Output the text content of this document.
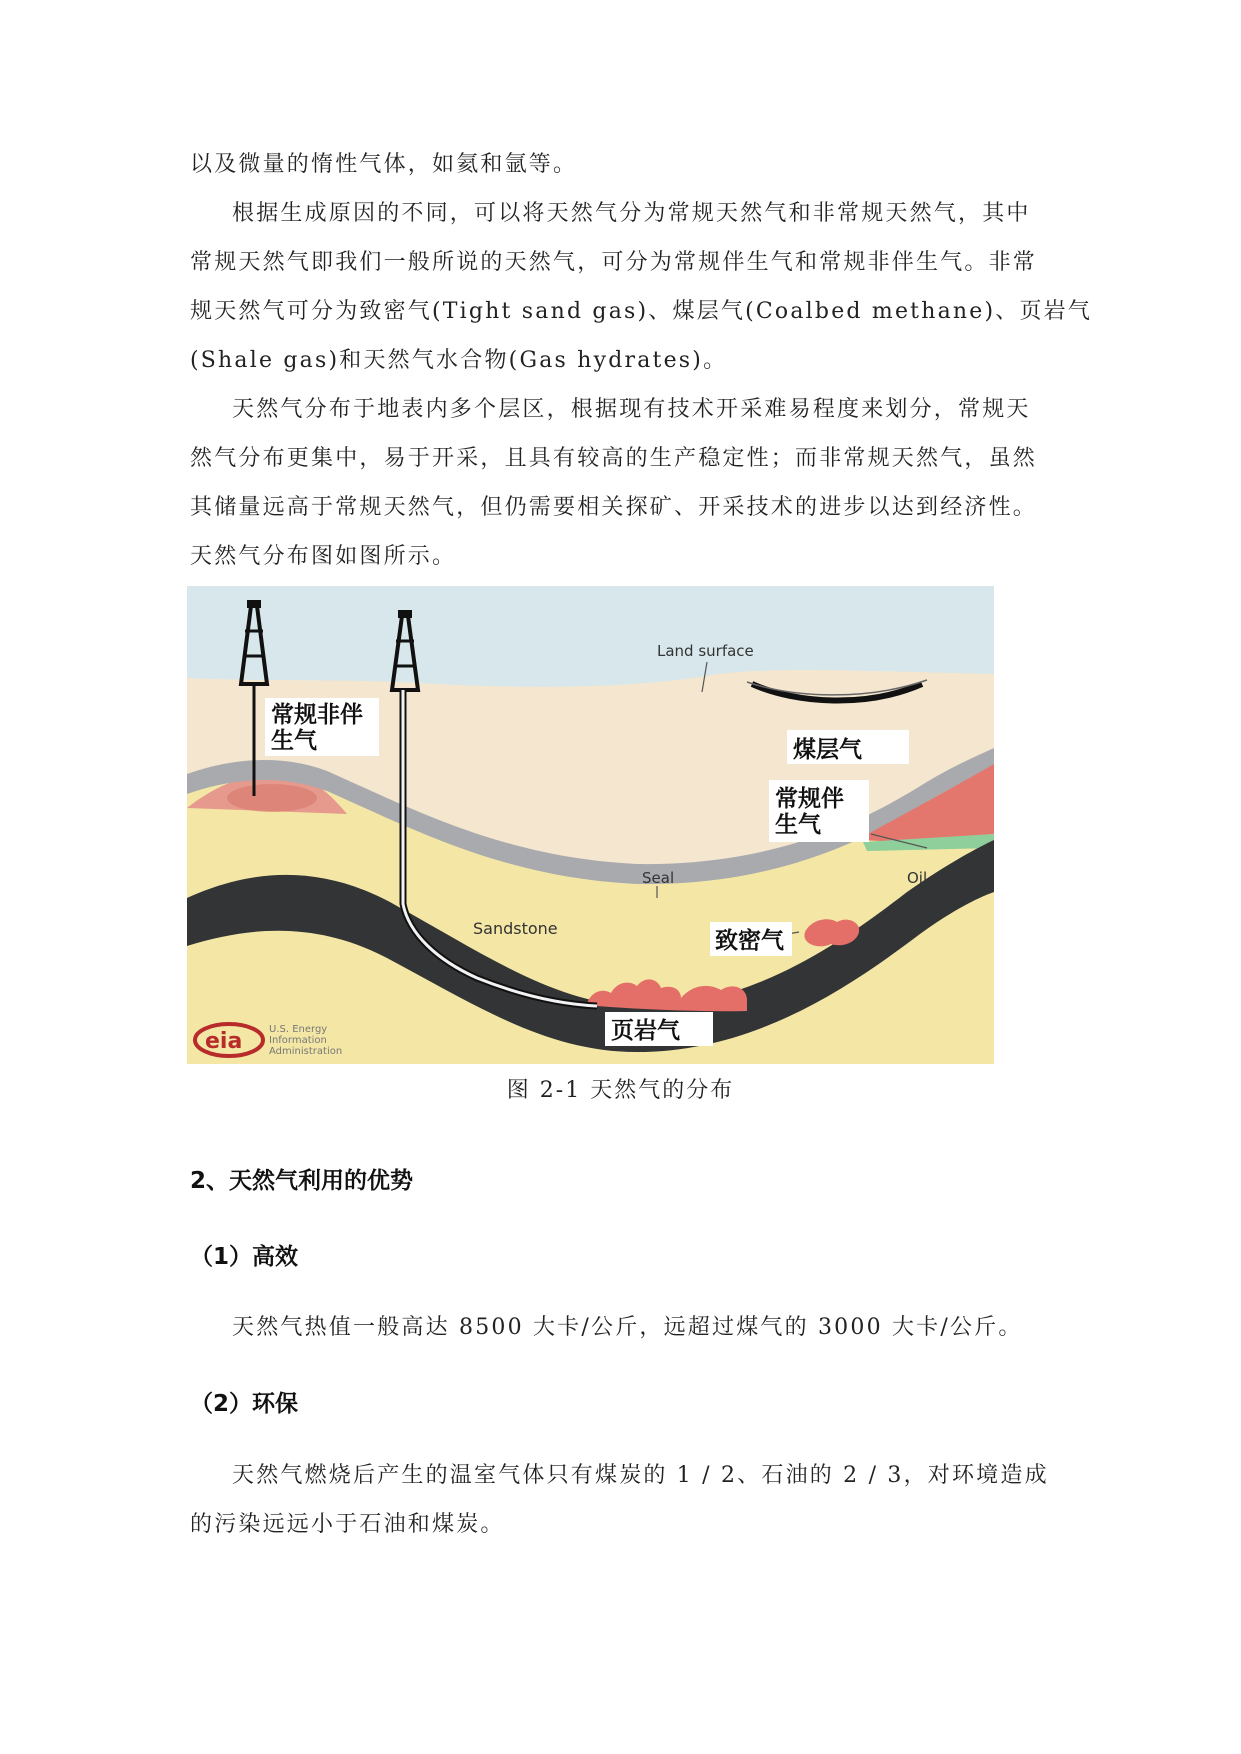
以及微量的惰性气体，如氦和氩等。
根据生成原因的不同，可以将天然气分为常规天然气和非常规天然气，其中
常规天然气即我们一般所说的天然气，可分为常规伴生气和常规非伴生气。非常
规天然气可分为致密气(Tight sand gas)、煤层气(Coalbed methane)、页岩气
(Shale gas)和天然气水合物(Gas hydrates)。
天然气分布于地表内多个层区，根据现有技术开采难易程度来划分，常规天
然气分布更集中，易于开采，且具有较高的生产稳定性；而非常规天然气，虽然
其储量远高于常规天然气，但仍需要相关探矿、开采技术的进步以达到经济性。
天然气分布图如图所示。
Land surface
常规非伴
生气	煤层气
常规伴
生气
Seal	Oil
Sandstone	致密气
页岩气
eia	U.S. Energy
Information
Administration
图 2-1 天然气的分布
2、天然气利用的优势
（1）高效
天然气热值一般高达 8500 大卡/公斤，远超过煤气的 3000 大卡/公斤。
（2）环保
天然气燃烧后产生的温室气体只有煤炭的 1 / 2、石油的 2 / 3，对环境造成
的污染远远小于石油和煤炭。
